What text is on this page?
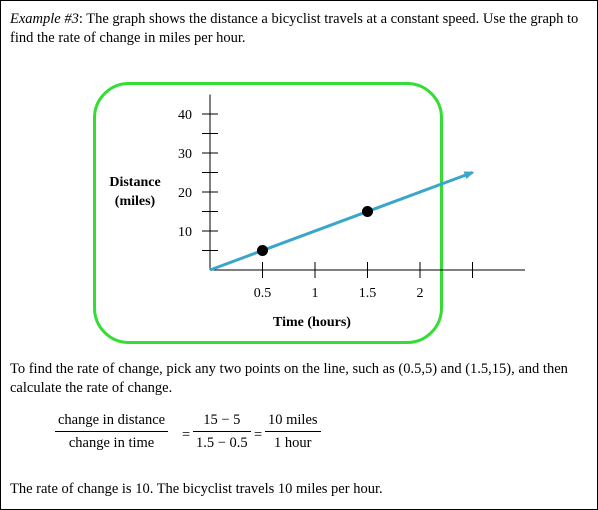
Example #3: The graph shows the distance a bicyclist travels at a constant speed. Use the graph to find the rate of change in miles per hour.
10
20
30
40
0.5	1	1.5	2
Distance
(miles)
Time (hours)
To find the rate of change, pick any two points on the line, such as (0.5,5) and (1.5,15), and then calculate the rate of change.
change in distance
change in time	= $\frac{15 - 5}{1.5 - 0.5}$ =
10 miles
1 hour
The rate of change is 10. The bicyclist travels 10 miles per hour.
